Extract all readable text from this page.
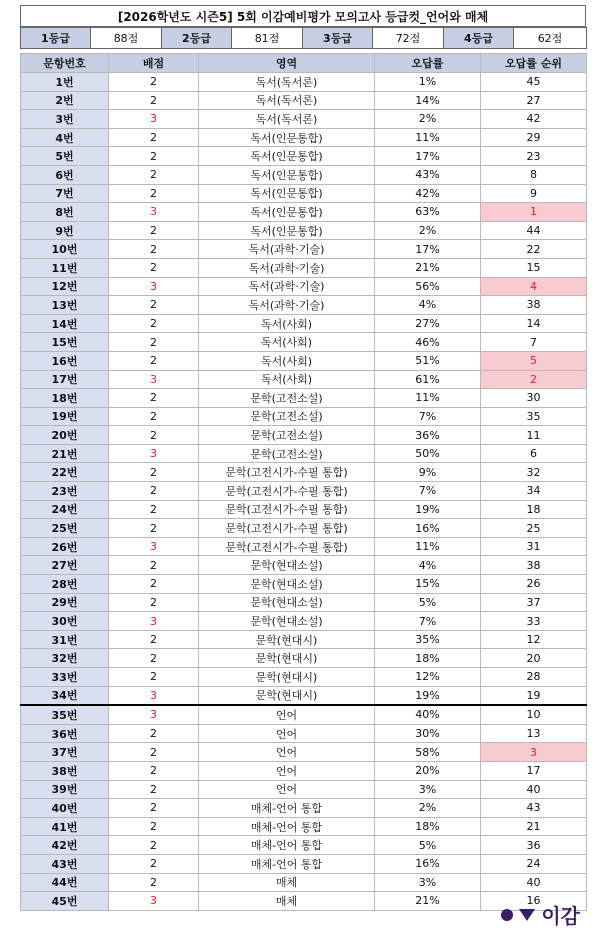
[2026학년도 시즌5] 5회 이감예비평가 모의고사 등급컷_언어와 매체
1등급	88점	2등급	81점	3등급	72점	4등급	62점
문항번호	배점	영역	오답률	오답률 순위
1번	2	독서(독서론)	1%	45
2번	2	독서(독서론)	14%	27
3번	3	독서(독서론)	2%	42
4번	2	독서(인문통합)	11%	29
5번	2	독서(인문통합)	17%	23
6번	2	독서(인문통합)	43%	8
7번	2	독서(인문통합)	42%	9
8번	3	독서(인문통합)	63%	1
9번	2	독서(인문통합)	2%	44
10번	2	독서(과학·기술)	17%	22
11번	2	독서(과학·기술)	21%	15
12번	3	독서(과학·기술)	56%	4
13번	2	독서(과학·기술)	4%	38
14번	2	독서(사회)	27%	14
15번	2	독서(사회)	46%	7
16번	2	독서(사회)	51%	5
17번	3	독서(사회)	61%	2
18번	2	문학(고전소설)	11%	30
19번	2	문학(고전소설)	7%	35
20번	2	문학(고전소설)	36%	11
21번	3	문학(고전소설)	50%	6
22번	2	문학(고전시가-수필 통합)	9%	32
23번	2	문학(고전시가-수필 통합)	7%	34
24번	2	문학(고전시가-수필 통합)	19%	18
25번	2	문학(고전시가-수필 통합)	16%	25
26번	3	문학(고전시가-수필 통합)	11%	31
27번	2	문학(현대소설)	4%	38
28번	2	문학(현대소설)	15%	26
29번	2	문학(현대소설)	5%	37
30번	3	문학(현대소설)	7%	33
31번	2	문학(현대시)	35%	12
32번	2	문학(현대시)	18%	20
33번	2	문학(현대시)	12%	28
34번	3	문학(현대시)	19%	19
35번	3	언어	40%	10
36번	2	언어	30%	13
37번	2	언어	58%	3
38번	2	언어	20%	17
39번	2	언어	3%	40
40번	2	매체-언어 통합	2%	43
41번	2	매체-언어 통합	18%	21
42번	2	매체-언어 통합	5%	36
43번	2	매체-언어 통합	16%	24
44번	2	매체	3%	40
45번	3	매체	21%	16
이감
